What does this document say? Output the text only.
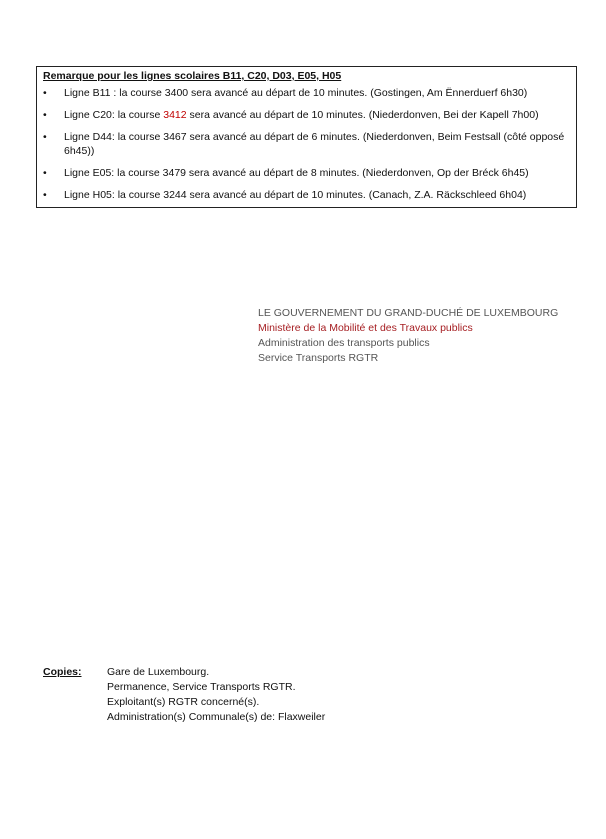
Remarque pour les lignes scolaires B11, C20, D03, E05, H05
• Ligne B11 : la course 3400 sera avancé au départ de 10 minutes. (Gostingen, Am Ënnerduerf 6h30)
• Ligne C20: la course 3412 sera avancé au départ de 10 minutes. (Niederdonven, Bei der Kapell 7h00)
• Ligne D44: la course 3467 sera avancé au départ de 6 minutes. (Niederdonven, Beim Festsall (côté opposé 6h45))
• Ligne E05: la course 3479 sera avancé au départ de 8 minutes. (Niederdonven, Op der Bréck 6h45)
• Ligne H05: la course 3244 sera avancé au départ de 10 minutes. (Canach, Z.A. Räckschleed 6h04)
LE GOUVERNEMENT DU GRAND-DUCHÉ DE LUXEMBOURG
Ministère de la Mobilité et des Travaux publics
Administration des transports publics
Service Transports RGTR
Copies: Gare de Luxembourg.
Permanence, Service Transports RGTR.
Exploitant(s) RGTR concerné(s).
Administration(s) Communale(s) de: Flaxweiler
